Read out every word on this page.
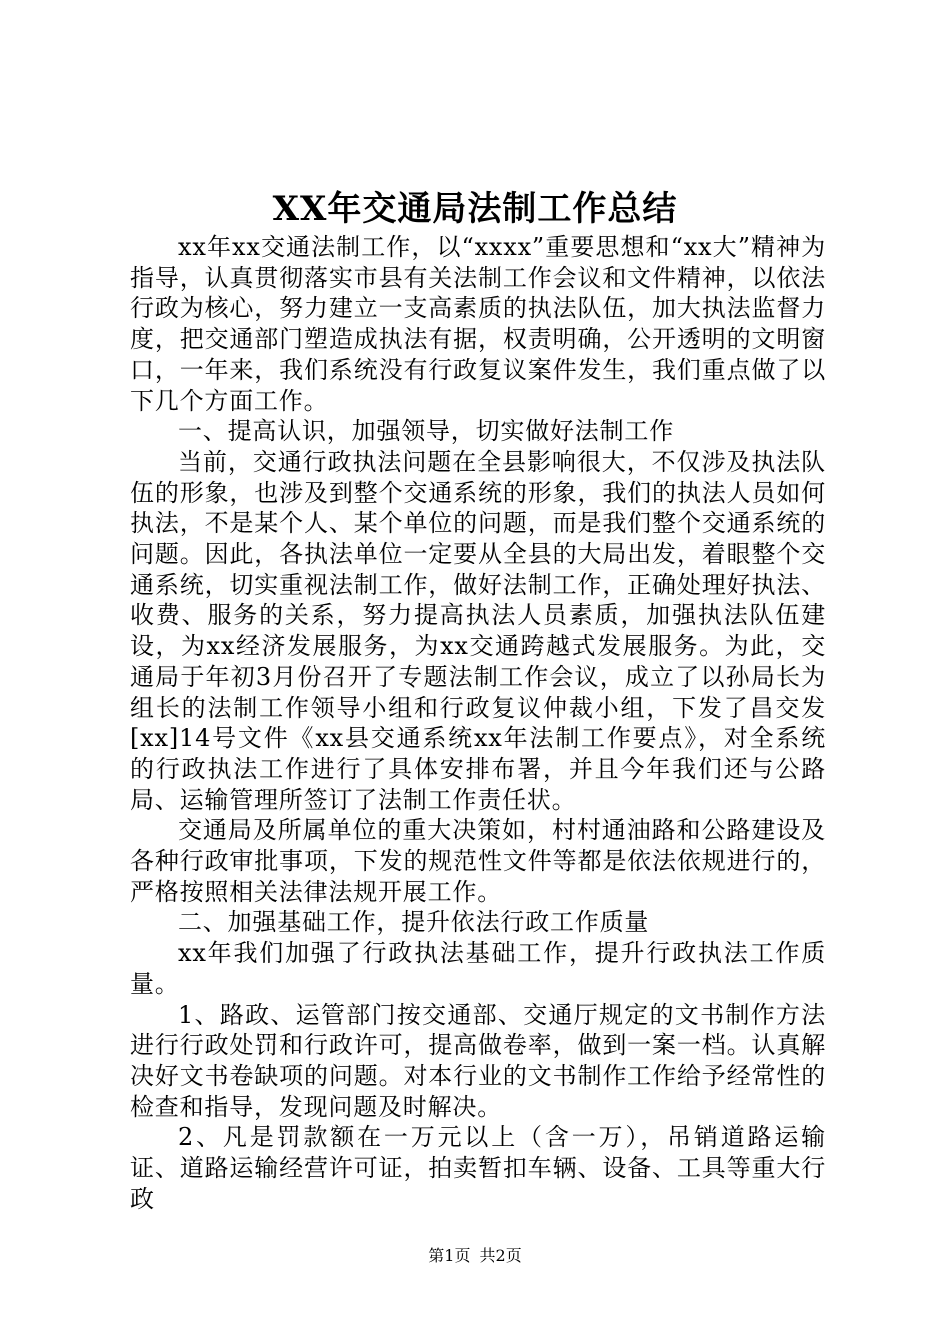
XX年交通局法制工作总结

xx年xx交通法制工作，以“xxxx”重要思想和“xx大”精神为指导，认真贯彻落实市县有关法制工作会议和文件精神，以依法行政为核心，努力建立一支高素质的执法队伍，加大执法监督力度，把交通部门塑造成执法有据，权责明确，公开透明的文明窗口，一年来，我们系统没有行政复议案件发生，我们重点做了以下几个方面工作。

一、提高认识，加强领导，切实做好法制工作

当前，交通行政执法问题在全县影响很大，不仅涉及执法队伍的形象，也涉及到整个交通系统的形象，我们的执法人员如何执法，不是某个人、某个单位的问题，而是我们整个交通系统的问题。因此，各执法单位一定要从全县的大局出发，着眼整个交通系统，切实重视法制工作，做好法制工作，正确处理好执法、收费、服务的关系，努力提高执法人员素质，加强执法队伍建设，为xx经济发展服务，为xx交通跨越式发展服务。为此，交通局于年初3月份召开了专题法制工作会议，成立了以孙局长为组长的法制工作领导小组和行政复议仲裁小组，下发了昌交发[xx]14号文件《xx县交通系统xx年法制工作要点》，对全系统的行政执法工作进行了具体安排布署，并且今年我们还与公路局、运输管理所签订了法制工作责任状。

交通局及所属单位的重大决策如，村村通油路和公路建设及各种行政审批事项，下发的规范性文件等都是依法依规进行的，严格按照相关法律法规开展工作。

二、加强基础工作，提升依法行政工作质量

xx年我们加强了行政执法基础工作，提升行政执法工作质量。

1、路政、运管部门按交通部、交通厅规定的文书制作方法进行行政处罚和行政许可，提高做卷率，做到一案一档。认真解决好文书卷缺项的问题。对本行业的文书制作工作给予经常性的检查和指导，发现问题及时解决。

2、凡是罚款额在一万元以上（含一万），吊销道路运输证、道路运输经营许可证，拍卖暂扣车辆、设备、工具等重大行政

第1页 共2页
